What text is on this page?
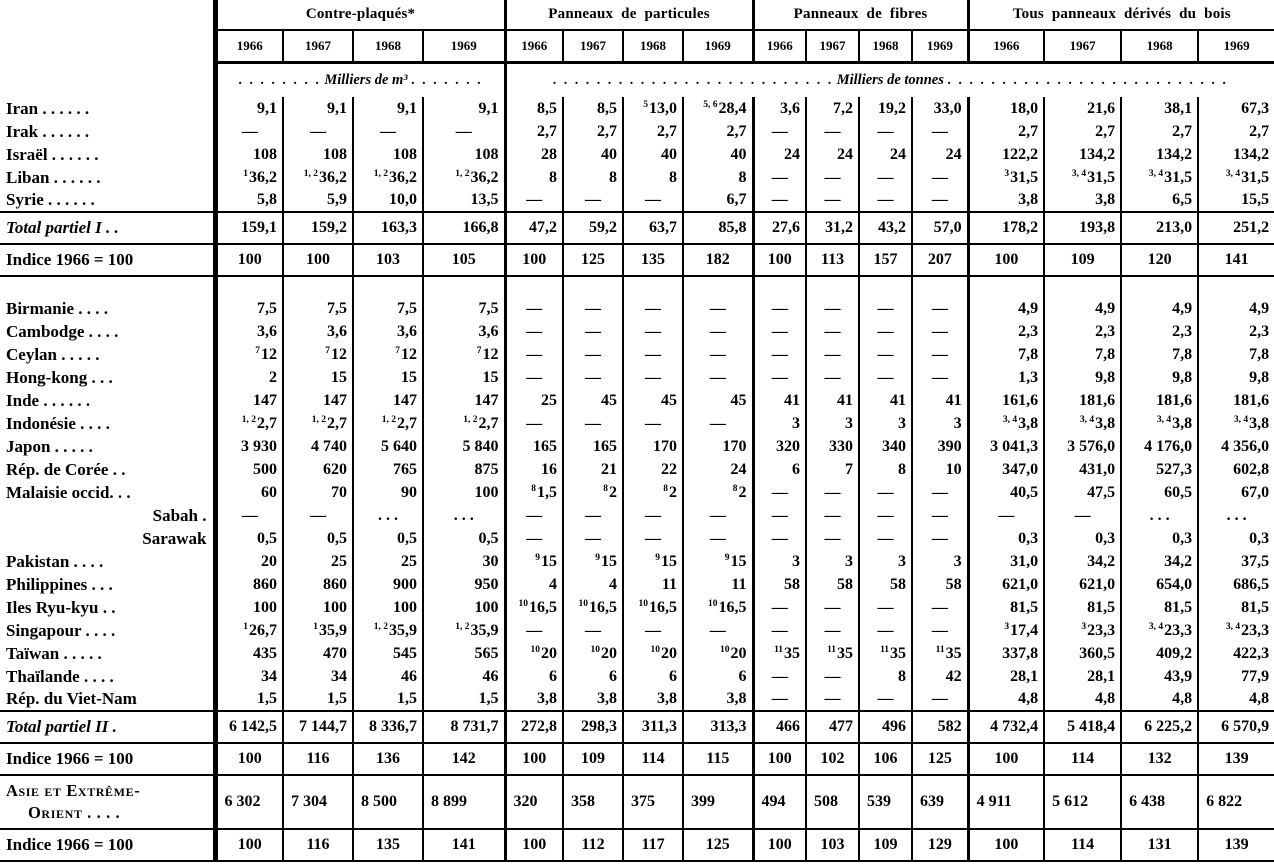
	Contre-plaqués*				Panneaux de particules				Panneaux de fibres				Tous panneaux dérivés du bois			
	1966	1967	1968	1969	1966	1967	1968	1969	1966	1967	1968	1969	1966	1967	1968	1969
	. . . . . . . . Milliers de m³ . . . . . . .				. . . . . . . . . . . . . . . . . . . . . . . . . . Milliers de tonnes . . . . . . . . . . . . . . . . . . . . . . . . . .											
Iran . . . . . .	9,1	9,1	9,1	9,1	8,5	8,5	$^5$13,0	$^{5, 6}$28,4	3,6	7,2	19,2	33,0	18,0	21,6	38,1	67,3
Irak . . . . . .	—	—	—	—	2,7	2,7	2,7	2,7	—	—	—	—	2,7	2,7	2,7	2,7
Israël . . . . . .	108	108	108	108	28	40	40	40	24	24	24	24	122,2	134,2	134,2	134,2
Liban . . . . . .	$^1$36,2	$^{1, 2}$36,2	$^{1, 2}$36,2	$^{1, 2}$36,2	8	8	8	8	—	—	—	—	$^3$31,5	$^{3, 4}$31,5	$^{3, 4}$31,5	$^{3, 4}$31,5
Syrie . . . . . .	5,8	5,9	10,0	13,5	—	—	—	6,7	—	—	—	—	3,8	3,8	6,5	15,5
Total partiel I . .	159,1	159,2	163,3	166,8	47,2	59,2	63,7	85,8	27,6	31,2	43,2	57,0	178,2	193,8	213,0	251,2
Indice 1966 = 100	100	100	103	105	100	125	135	182	100	113	157	207	100	109	120	141

Birmanie . . . .	7,5	7,5	7,5	7,5	—	—	—	—	—	—	—	—	4,9	4,9	4,9	4,9
Cambodge . . . .	3,6	3,6	3,6	3,6	—	—	—	—	—	—	—	—	2,3	2,3	2,3	2,3
Ceylan . . . . .	$^7$12	$^7$12	$^7$12	$^7$12	—	—	—	—	—	—	—	—	7,8	7,8	7,8	7,8
Hong-kong . . .	2	15	15	15	—	—	—	—	—	—	—	—	1,3	9,8	9,8	9,8
Inde . . . . . .	147	147	147	147	25	45	45	45	41	41	41	41	161,6	181,6	181,6	181,6
Indonésie . . . .	$^{1, 2}$2,7	$^{1, 2}$2,7	$^{1, 2}$2,7	$^{1, 2}$2,7	—	—	—	—	3	3	3	3	$^{3, 4}$3,8	$^{3, 4}$3,8	$^{3, 4}$3,8	$^{3, 4}$3,8
Japon . . . . .	3 930	4 740	5 640	5 840	165	165	170	170	320	330	340	390	3 041,3	3 576,0	4 176,0	4 356,0
Rép. de Corée . .	500	620	765	875	16	21	22	24	6	7	8	10	347,0	431,0	527,3	602,8
Malaisie occid. . .	60	70	90	100	$^8$1,5	$^8$2	$^8$2	$^8$2	—	—	—	—	40,5	47,5	60,5	67,0
Sabah .	—	—	. . .	. . .	—	—	—	—	—	—	—	—	—	—	. . .	. . .
Sarawak	0,5	0,5	0,5	0,5	—	—	—	—	—	—	—	—	0,3	0,3	0,3	0,3
Pakistan . . . .	20	25	25	30	$^9$15	$^9$15	$^9$15	$^9$15	3	3	3	3	31,0	34,2	34,2	37,5
Philippines . . .	860	860	900	950	4	4	11	11	58	58	58	58	621,0	621,0	654,0	686,5
Iles Ryu-kyu . .	100	100	100	100	$^{10}$16,5	$^{10}$16,5	$^{10}$16,5	$^{10}$16,5	—	—	—	—	81,5	81,5	81,5	81,5
Singapour . . . .	$^1$26,7	$^1$35,9	$^{1, 2}$35,9	$^{1, 2}$35,9	—	—	—	—	—	—	—	—	$^3$17,4	$^3$23,3	$^{3, 4}$23,3	$^{3, 4}$23,3
Taïwan . . . . .	435	470	545	565	$^{10}$20	$^{10}$20	$^{10}$20	$^{10}$20	$^{11}$35	$^{11}$35	$^{11}$35	$^{11}$35	337,8	360,5	409,2	422,3
Thaïlande . . . .	34	34	46	46	6	6	6	6	—	—	8	42	28,1	28,1	43,9	77,9
Rép. du Viet-Nam	1,5	1,5	1,5	1,5	3,8	3,8	3,8	3,8	—	—	—	—	4,8	4,8	4,8	4,8
Total partiel II .	6 142,5	7 144,7	8 336,7	8 731,7	272,8	298,3	311,3	313,3	466	477	496	582	4 732,4	5 418,4	6 225,2	6 570,9
Indice 1966 = 100	100	116	136	142	100	109	114	115	100	102	106	125	100	114	132	139
Asie et Extrême-
Orient . . . .	6 302	7 304	8 500	8 899	320	358	375	399	494	508	539	639	4 911	5 612	6 438	6 822
Indice 1966 = 100	100	116	135	141	100	112	117	125	100	103	109	129	100	114	131	139
